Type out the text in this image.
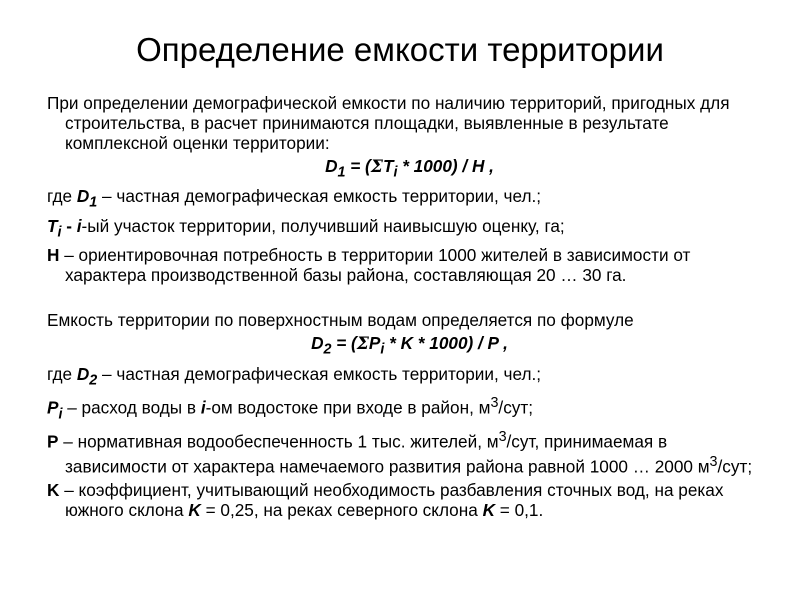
Определение емкости территории

При определении демографической емкости по наличию территорий, пригодных для строительства, в расчет принимаются площадки, выявленные в результате комплексной оценки территории:

$D_1 = (\Sigma T_i * 1000) / H$ ,

где $D_1$ – частная демографическая емкость территории, чел.;

$T_i - i-ый$ участок территории, получивший наивысшую оценку, га;

H – ориентировочная потребность в территории 1000 жителей в зависимости от характера производственной базы района, составляющая 20 … 30 га.

Емкость территории по поверхностным водам определяется по формуле

$D_2 = (\Sigma P_i * K * 1000) / P$ ,

где $D_2$ – частная демографическая емкость территории, чел.;

$P_i$ – расход воды в i-ом водостоке при входе в район, $м^3$/сут;

P – нормативная водообеспеченность 1 тыс. жителей, $м^3$/сут, принимаемая в зависимости от характера намечаемого развития района равной 1000 … 2000 $м^3$/сут;

K – коэффициент, учитывающий необходимость разбавления сточных вод, на реках южного склона K = 0,25, на реках северного склона K = 0,1.
